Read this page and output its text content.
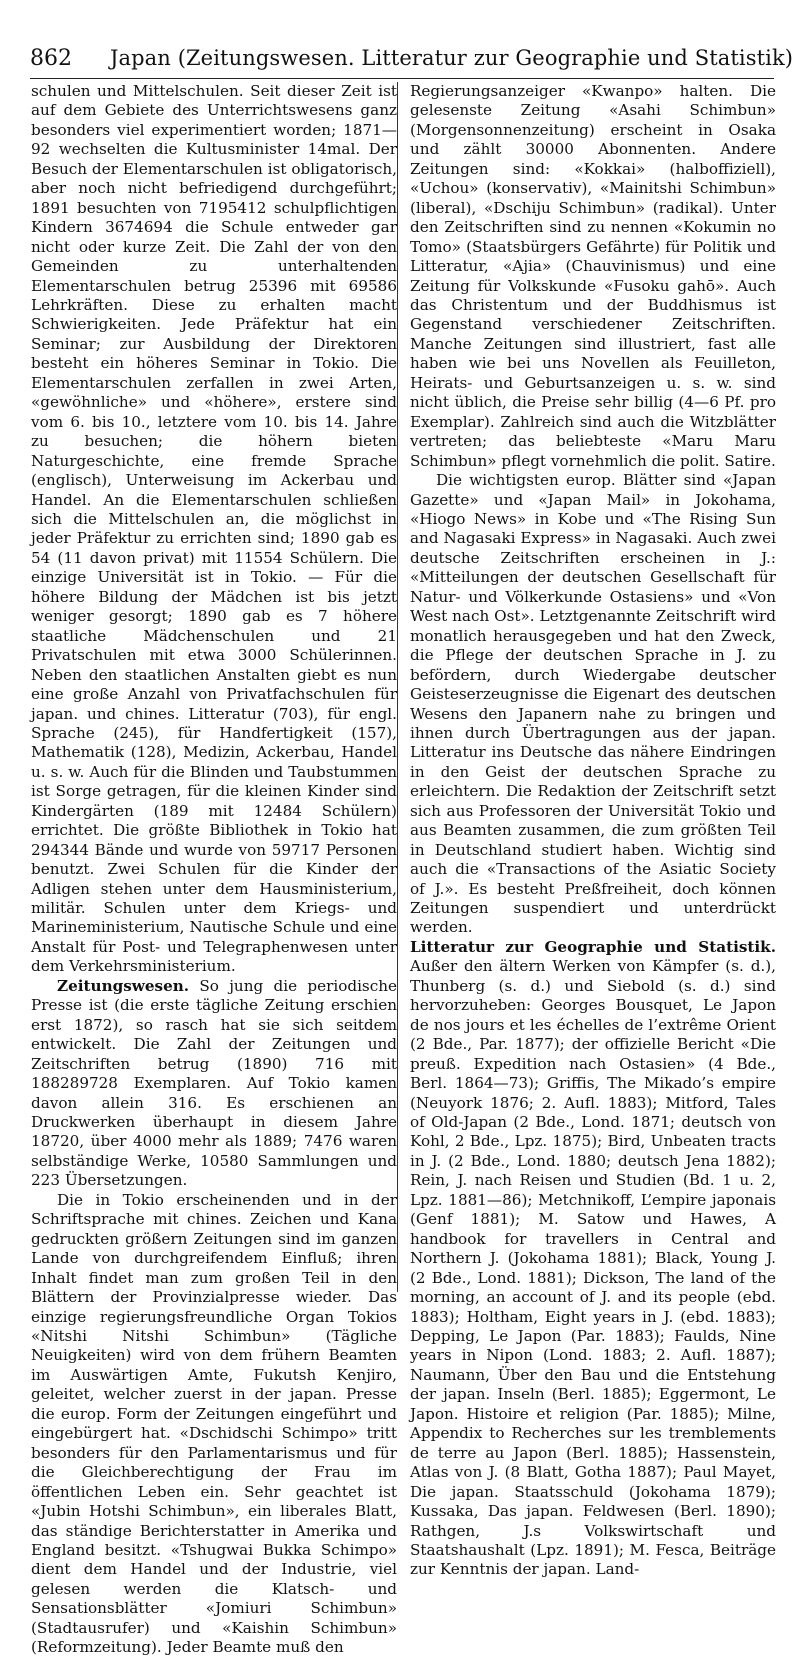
862 Japan (Zeitungswesen. Litteratur zur Geographie und Statistik)

schulen und Mittelschulen. Seit dieser Zeit ist auf dem Gebiete des Unterrichtswesens ganz besonders viel experimentiert worden; 1871—92 wechselten die Kultusminister 14mal. Der Besuch der Elementarschulen ist obligatorisch, aber noch nicht befriedigend durchgeführt; 1891 besuchten von 7195412 schulpflichtigen Kindern 3674694 die Schule entweder gar nicht oder kurze Zeit. Die Zahl der von den Gemeinden zu unterhaltenden Elementarschulen betrug 25396 mit 69586 Lehrkräften. Diese zu erhalten macht Schwierigkeiten. Jede Präfektur hat ein Seminar; zur Ausbildung der Direktoren besteht ein höheres Seminar in Tokio. Die Elementarschulen zerfallen in zwei Arten, «gewöhnliche» und «höhere», erstere sind vom 6. bis 10., letztere vom 10. bis 14. Jahre zu besuchen; die höhern bieten Naturgeschichte, eine fremde Sprache (englisch), Unterweisung im Ackerbau und Handel. An die Elementarschulen schließen sich die Mittelschulen an, die möglichst in jeder Präfektur zu errichten sind; 1890 gab es 54 (11 davon privat) mit 11554 Schülern. Die einzige Universität ist in Tokio. — Für die höhere Bildung der Mädchen ist bis jetzt weniger gesorgt; 1890 gab es 7 höhere staatliche Mädchenschulen und 21 Privatschulen mit etwa 3000 Schülerinnen. Neben den staatlichen Anstalten giebt es nun eine große Anzahl von Privatfachschulen für japan. und chines. Litteratur (703), für engl. Sprache (245), für Handfertigkeit (157), Mathematik (128), Medizin, Ackerbau, Handel u. s. w. Auch für die Blinden und Taubstummen ist Sorge getragen, für die kleinen Kinder sind Kindergärten (189 mit 12484 Schülern) errichtet. Die größte Bibliothek in Tokio hat 294344 Bände und wurde von 59717 Personen benutzt. Zwei Schulen für die Kinder der Adligen stehen unter dem Hausministerium, militär. Schulen unter dem Kriegs- und Marineministerium, Nautische Schule und eine Anstalt für Post- und Telegraphenwesen unter dem Verkehrsministerium.

Zeitungswesen. So jung die periodische Presse ist (die erste tägliche Zeitung erschien erst 1872), so rasch hat sie sich seitdem entwickelt. Die Zahl der Zeitungen und Zeitschriften betrug (1890) 716 mit 188289728 Exemplaren. Auf Tokio kamen davon allein 316. Es erschienen an Druckwerken überhaupt in diesem Jahre 18720, über 4000 mehr als 1889; 7476 waren selbständige Werke, 10580 Sammlungen und 223 Übersetzungen.

Die in Tokio erscheinenden und in der Schriftsprache mit chines. Zeichen und Kana gedruckten größern Zeitungen sind im ganzen Lande von durchgreifendem Einfluß; ihren Inhalt findet man zum großen Teil in den Blättern der Provinzialpresse wieder. Das einzige regierungsfreundliche Organ Tokios «Nitshi Nitshi Schimbun» (Tägliche Neuigkeiten) wird von dem frühern Beamten im Auswärtigen Amte, Fukutsh Kenjiro, geleitet, welcher zuerst in der japan. Presse die europ. Form der Zeitungen eingeführt und eingebürgert hat. «Dschidschi Schimpo» tritt besonders für den Parlamentarismus und für die Gleichberechtigung der Frau im öffentlichen Leben ein. Sehr geachtet ist «Jubin Hotshi Schimbun», ein liberales Blatt, das ständige Berichterstatter in Amerika und England besitzt. «Tshugwai Bukka Schimpo» dient dem Handel und der Industrie, viel gelesen werden die Klatsch- und Sensationsblätter «Jomiuri Schimbun» (Stadtausrufer) und «Kaishin Schimbun» (Reformzeitung). Jeder Beamte muß den

Regierungsanzeiger «Kwanpo» halten. Die gelesenste Zeitung «Asahi Schimbun» (Morgensonnenzeitung) erscheint in Osaka und zählt 30000 Abonnenten. Andere Zeitungen sind: «Kokkai» (halboffiziell), «Uchou» (konservativ), «Mainitshi Schimbun» (liberal), «Dschiju Schimbun» (radikal). Unter den Zeitschriften sind zu nennen «Kokumin no Tomo» (Staatsbürgers Gefährte) für Politik und Litteratur, «Ajia» (Chauvinismus) und eine Zeitung für Volkskunde «Fusoku gahō». Auch das Christentum und der Buddhismus ist Gegenstand verschiedener Zeitschriften. Manche Zeitungen sind illustriert, fast alle haben wie bei uns Novellen als Feuilleton, Heirats- und Geburtsanzeigen u. s. w. sind nicht üblich, die Preise sehr billig (4—6 Pf. pro Exemplar). Zahlreich sind auch die Witzblätter vertreten; das beliebteste «Maru Maru Schimbun» pflegt vornehmlich die polit. Satire.

Die wichtigsten europ. Blätter sind «Japan Gazette» und «Japan Mail» in Jokohama, «Hiogo News» in Kobe und «The Rising Sun and Nagasaki Express» in Nagasaki. Auch zwei deutsche Zeitschriften erscheinen in J.: «Mitteilungen der deutschen Gesellschaft für Natur- und Völkerkunde Ostasiens» und «Von West nach Ost». Letztgenannte Zeitschrift wird monatlich herausgegeben und hat den Zweck, die Pflege der deutschen Sprache in J. zu befördern, durch Wiedergabe deutscher Geisteserzeugnisse die Eigenart des deutschen Wesens den Japanern nahe zu bringen und ihnen durch Übertragungen aus der japan. Litteratur ins Deutsche das nähere Eindringen in den Geist der deutschen Sprache zu erleichtern. Die Redaktion der Zeitschrift setzt sich aus Professoren der Universität Tokio und aus Beamten zusammen, die zum größten Teil in Deutschland studiert haben. Wichtig sind auch die «Transactions of the Asiatic Society of J.». Es besteht Preßfreiheit, doch können Zeitungen suspendiert und unterdrückt werden.

Litteratur zur Geographie und Statistik. Außer den ältern Werken von Kämpfer (s. d.), Thunberg (s. d.) und Siebold (s. d.) sind hervorzuheben: Georges Bousquet, Le Japon de nos jours et les échelles de l’extrême Orient (2 Bde., Par. 1877); der offizielle Bericht «Die preuß. Expedition nach Ostasien» (4 Bde., Berl. 1864—73); Griffis, The Mikado’s empire (Neuyork 1876; 2. Aufl. 1883); Mitford, Tales of Old-Japan (2 Bde., Lond. 1871; deutsch von Kohl, 2 Bde., Lpz. 1875); Bird, Unbeaten tracts in J. (2 Bde., Lond. 1880; deutsch Jena 1882); Rein, J. nach Reisen und Studien (Bd. 1 u. 2, Lpz. 1881—86); Metchnikoff, L’empire japonais (Genf 1881); M. Satow und Hawes, A handbook for travellers in Central and Northern J. (Jokohama 1881); Black, Young J. (2 Bde., Lond. 1881); Dickson, The land of the morning, an account of J. and its people (ebd. 1883); Holtham, Eight years in J. (ebd. 1883); Depping, Le Japon (Par. 1883); Faulds, Nine years in Nipon (Lond. 1883; 2. Aufl. 1887); Naumann, Über den Bau und die Entstehung der japan. Inseln (Berl. 1885); Eggermont, Le Japon. Histoire et religion (Par. 1885); Milne, Appendix to Recherches sur les tremblements de terre au Japon (Berl. 1885); Hassenstein, Atlas von J. (8 Blatt, Gotha 1887); Paul Mayet, Die japan. Staatsschuld (Jokohama 1879); Kussaka, Das japan. Feldwesen (Berl. 1890); Rathgen, J.s Volkswirtschaft und Staatshaushalt (Lpz. 1891); M. Fesca, Beiträge zur Kenntnis der japan. Land-
